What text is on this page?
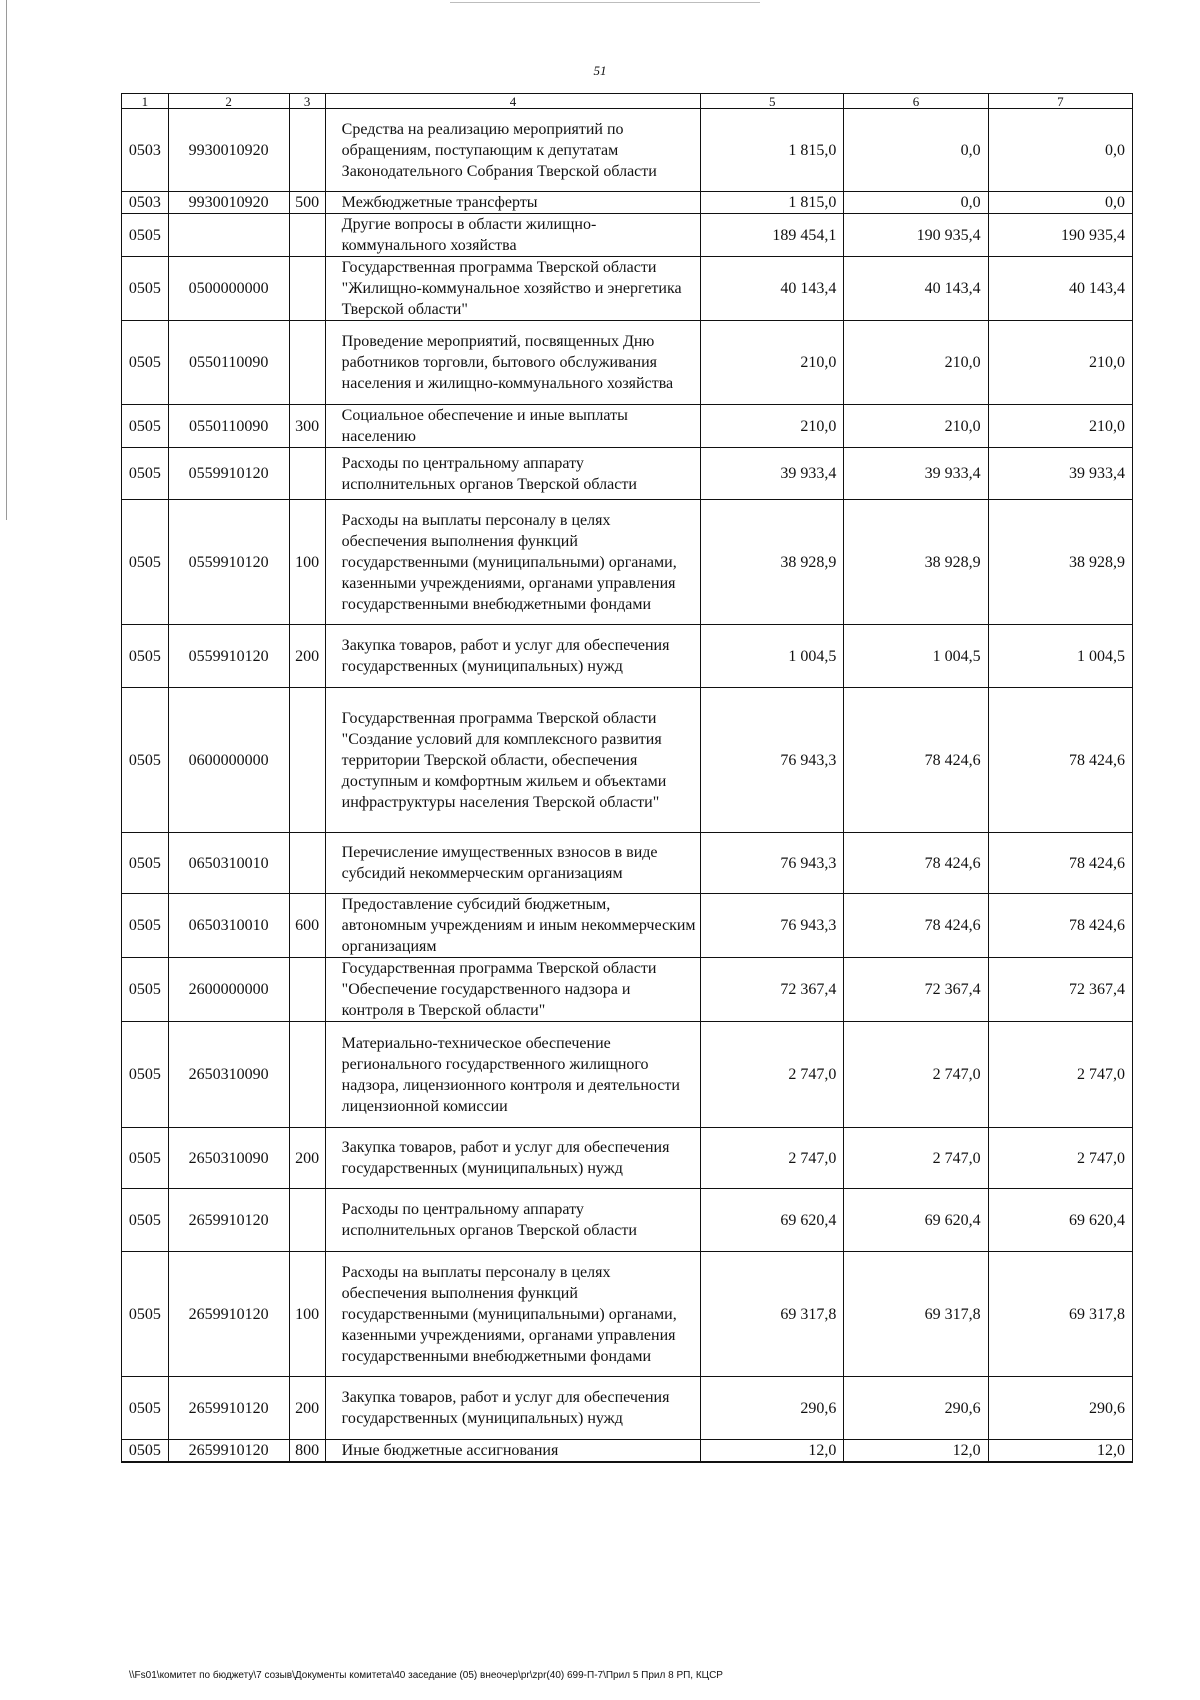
51
1	2	3	4	5	6	7
0503	9930010920		Средства на реализацию мероприятий по обращениям, поступающим к депутатам Законодательного Собрания Тверской области	1 815,0	0,0	0,0
0503	9930010920	500	Межбюджетные трансферты	1 815,0	0,0	0,0
0505			Другие вопросы в области жилищно-коммунального хозяйства	189 454,1	190 935,4	190 935,4
0505	0500000000		Государственная программа Тверской области "Жилищно-коммунальное хозяйство и энергетика Тверской области"	40 143,4	40 143,4	40 143,4
0505	0550110090		Проведение мероприятий, посвященных Дню работников торговли, бытового обслуживания населения и жилищно-коммунального хозяйства	210,0	210,0	210,0
0505	0550110090	300	Социальное обеспечение и иные выплаты населению	210,0	210,0	210,0
0505	0559910120		Расходы по центральному аппарату исполнительных органов Тверской области	39 933,4	39 933,4	39 933,4
0505	0559910120	100	Расходы на выплаты персоналу в целях обеспечения выполнения функций государственными (муниципальными) органами, казенными учреждениями, органами управления государственными внебюджетными фондами	38 928,9	38 928,9	38 928,9
0505	0559910120	200	Закупка товаров, работ и услуг для обеспечения государственных (муниципальных) нужд	1 004,5	1 004,5	1 004,5
0505	0600000000		Государственная программа Тверской области "Создание условий для комплексного развития территории Тверской области, обеспечения доступным и комфортным жильем и объектами инфраструктуры населения Тверской области"	76 943,3	78 424,6	78 424,6
0505	0650310010		Перечисление имущественных взносов в виде субсидий некоммерческим организациям	76 943,3	78 424,6	78 424,6
0505	0650310010	600	Предоставление субсидий бюджетным, автономным учреждениям и иным некоммерческим организациям	76 943,3	78 424,6	78 424,6
0505	2600000000		Государственная программа Тверской области "Обеспечение государственного надзора и контроля в Тверской области"	72 367,4	72 367,4	72 367,4
0505	2650310090		Материально-техническое обеспечение регионального государственного жилищного надзора, лицензионного контроля и деятельности лицензионной комиссии	2 747,0	2 747,0	2 747,0
0505	2650310090	200	Закупка товаров, работ и услуг для обеспечения государственных (муниципальных) нужд	2 747,0	2 747,0	2 747,0
0505	2659910120		Расходы по центральному аппарату исполнительных органов Тверской области	69 620,4	69 620,4	69 620,4
0505	2659910120	100	Расходы на выплаты персоналу в целях обеспечения выполнения функций государственными (муниципальными) органами, казенными учреждениями, органами управления государственными внебюджетными фондами	69 317,8	69 317,8	69 317,8
0505	2659910120	200	Закупка товаров, работ и услуг для обеспечения государственных (муниципальных) нужд	290,6	290,6	290,6
0505	2659910120	800	Иные бюджетные ассигнования	12,0	12,0	12,0
\\Fs01\комитет по бюджету\7 созыв\Документы комитета\40 заседание (05) внеочер\pr\zpr(40) 699-П-7\Прил 5 Прил 8 РП, КЦСР
